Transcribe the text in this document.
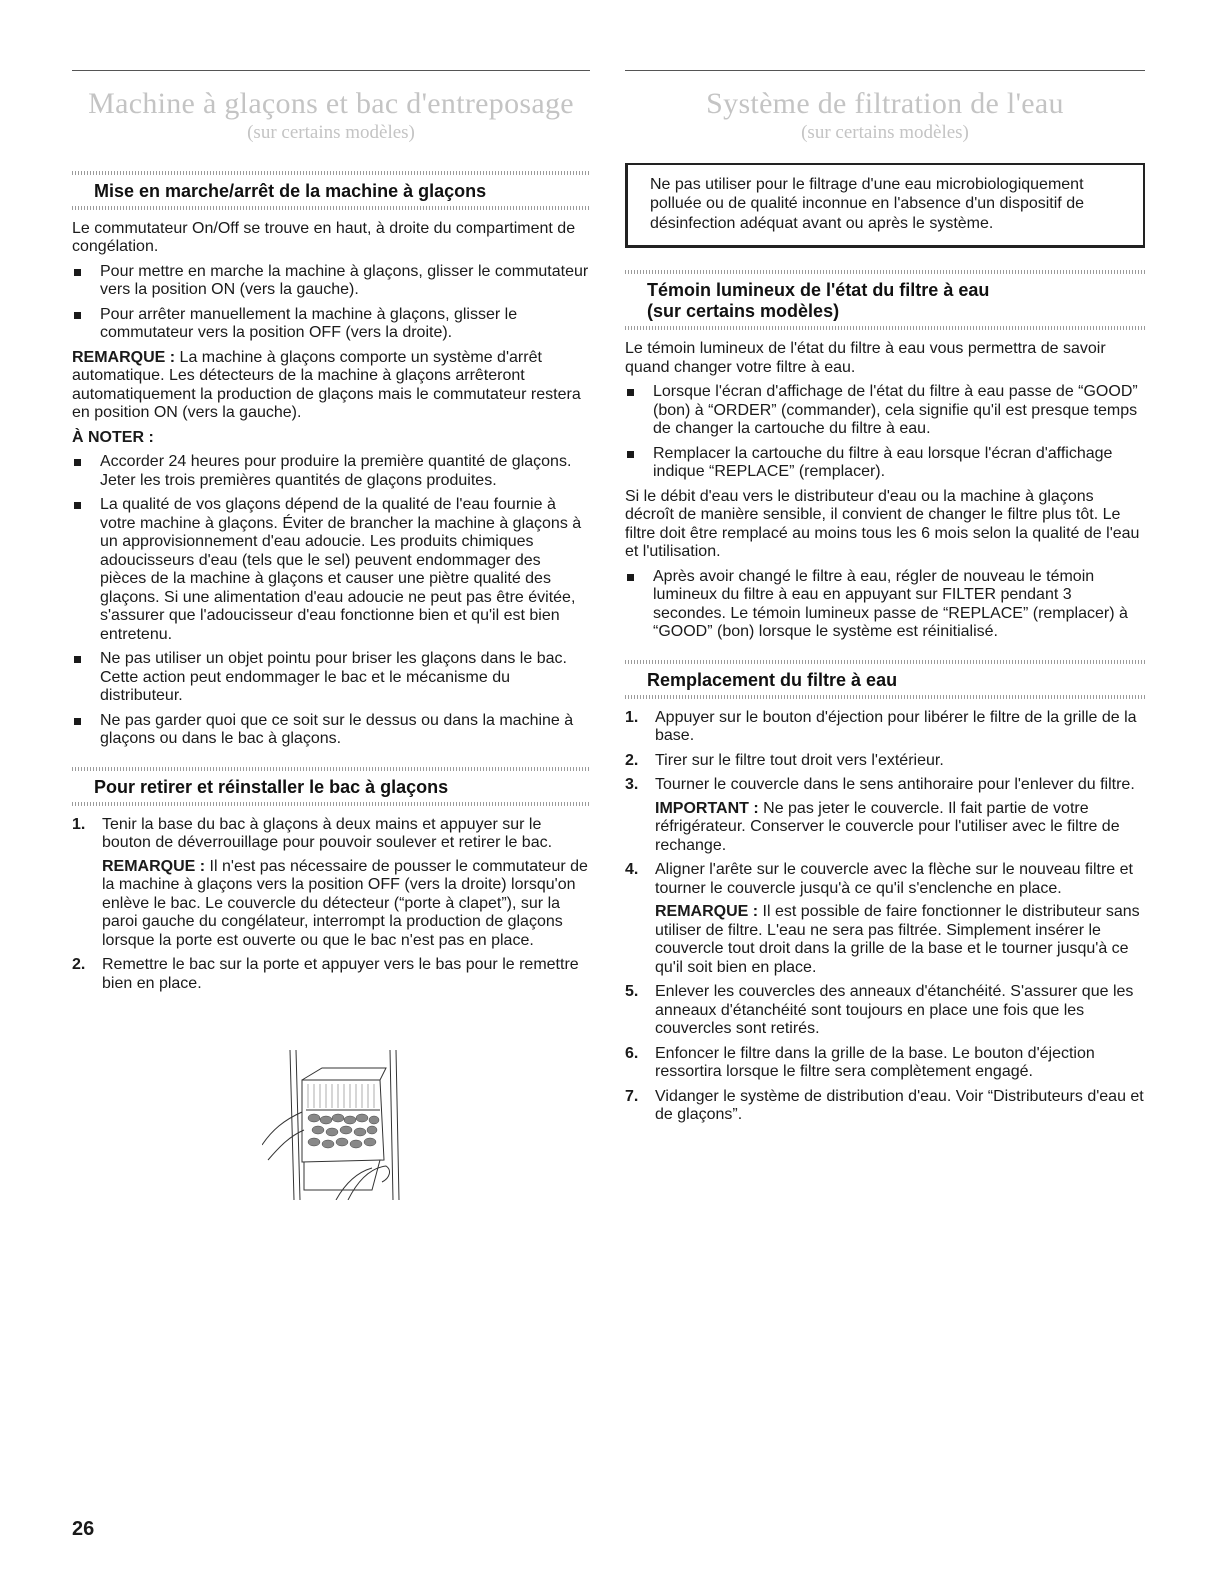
Machine à glaçons et bac d'entreposage
(sur certains modèles)
Mise en marche/arrêt de la machine à glaçons

Le commutateur On/Off se trouve en haut, à droite du compartiment de congélation.

Pour mettre en marche la machine à glaçons, glisser le commutateur vers la position ON (vers la gauche).
Pour arrêter manuellement la machine à glaçons, glisser le commutateur vers la position OFF (vers la droite).

REMARQUE : La machine à glaçons comporte un système d'arrêt automatique. Les détecteurs de la machine à glaçons arrêteront automatiquement la production de glaçons mais le commutateur restera en position ON (vers la gauche).

À NOTER :

Accorder 24 heures pour produire la première quantité de glaçons. Jeter les trois premières quantités de glaçons produites.
La qualité de vos glaçons dépend de la qualité de l'eau fournie à votre machine à glaçons. Éviter de brancher la machine à glaçons à un approvisionnement d'eau adoucie. Les produits chimiques adoucisseurs d'eau (tels que le sel) peuvent endommager des pièces de la machine à glaçons et causer une piètre qualité des glaçons. Si une alimentation d'eau adoucie ne peut pas être évitée, s'assurer que l'adoucisseur d'eau fonctionne bien et qu'il est bien entretenu.
Ne pas utiliser un objet pointu pour briser les glaçons dans le bac. Cette action peut endommager le bac et le mécanisme du distributeur.
Ne pas garder quoi que ce soit sur le dessus ou dans la machine à glaçons ou dans le bac à glaçons.
Pour retirer et réinstaller le bac à glaçons
1. Tenir la base du bac à glaçons à deux mains et appuyer sur le bouton de déverrouillage pour pouvoir soulever et retirer le bac.

REMARQUE : Il n'est pas nécessaire de pousser le commutateur de la machine à glaçons vers la position OFF (vers la droite) lorsqu'on enlève le bac. Le couvercle du détecteur (“porte à clapet”), sur la paroi gauche du congélateur, interrompt la production de glaçons lorsque la porte est ouverte ou que le bac n'est pas en place.

2. Remettre le bac sur la porte et appuyer vers le bas pour le remettre bien en place.
Système de filtration de l'eau
(sur certains modèles)
Ne pas utiliser pour le filtrage d'une eau microbiologiquement polluée ou de qualité inconnue en l'absence d'un dispositif de désinfection adéquat avant ou après le système.
Témoin lumineux de l'état du filtre à eau
(sur certains modèles)

Le témoin lumineux de l'état du filtre à eau vous permettra de savoir quand changer votre filtre à eau.

Lorsque l'écran d'affichage de l'état du filtre à eau passe de “GOOD” (bon) à “ORDER” (commander), cela signifie qu'il est presque temps de changer la cartouche du filtre à eau.
Remplacer la cartouche du filtre à eau lorsque l'écran d'affichage indique “REPLACE” (remplacer).

Si le débit d'eau vers le distributeur d'eau ou la machine à glaçons décroît de manière sensible, il convient de changer le filtre plus tôt. Le filtre doit être remplacé au moins tous les 6 mois selon la qualité de l'eau et l'utilisation.

Après avoir changé le filtre à eau, régler de nouveau le témoin lumineux du filtre à eau en appuyant sur FILTER pendant 3 secondes. Le témoin lumineux passe de “REPLACE” (remplacer) à “GOOD” (bon) lorsque le système est réinitialisé.
Remplacement du filtre à eau
1. Appuyer sur le bouton d'éjection pour libérer le filtre de la grille de la base.
2. Tirer sur le filtre tout droit vers l'extérieur.
3. Tourner le couvercle dans le sens antihoraire pour l'enlever du filtre.

IMPORTANT : Ne pas jeter le couvercle. Il fait partie de votre réfrigérateur. Conserver le couvercle pour l'utiliser avec le filtre de rechange.

4. Aligner l'arête sur le couvercle avec la flèche sur le nouveau filtre et tourner le couvercle jusqu'à ce qu'il s'enclenche en place.

REMARQUE : Il est possible de faire fonctionner le distributeur sans utiliser de filtre. L'eau ne sera pas filtrée. Simplement insérer le couvercle tout droit dans la grille de la base et le tourner jusqu'à ce qu'il soit bien en place.

5. Enlever les couvercles des anneaux d'étanchéité. S'assurer que les anneaux d'étanchéité sont toujours en place une fois que les couvercles sont retirés.
6. Enfoncer le filtre dans la grille de la base. Le bouton d'éjection ressortira lorsque le filtre sera complètement engagé.
7. Vidanger le système de distribution d'eau. Voir “Distributeurs d'eau et de glaçons”.
26
